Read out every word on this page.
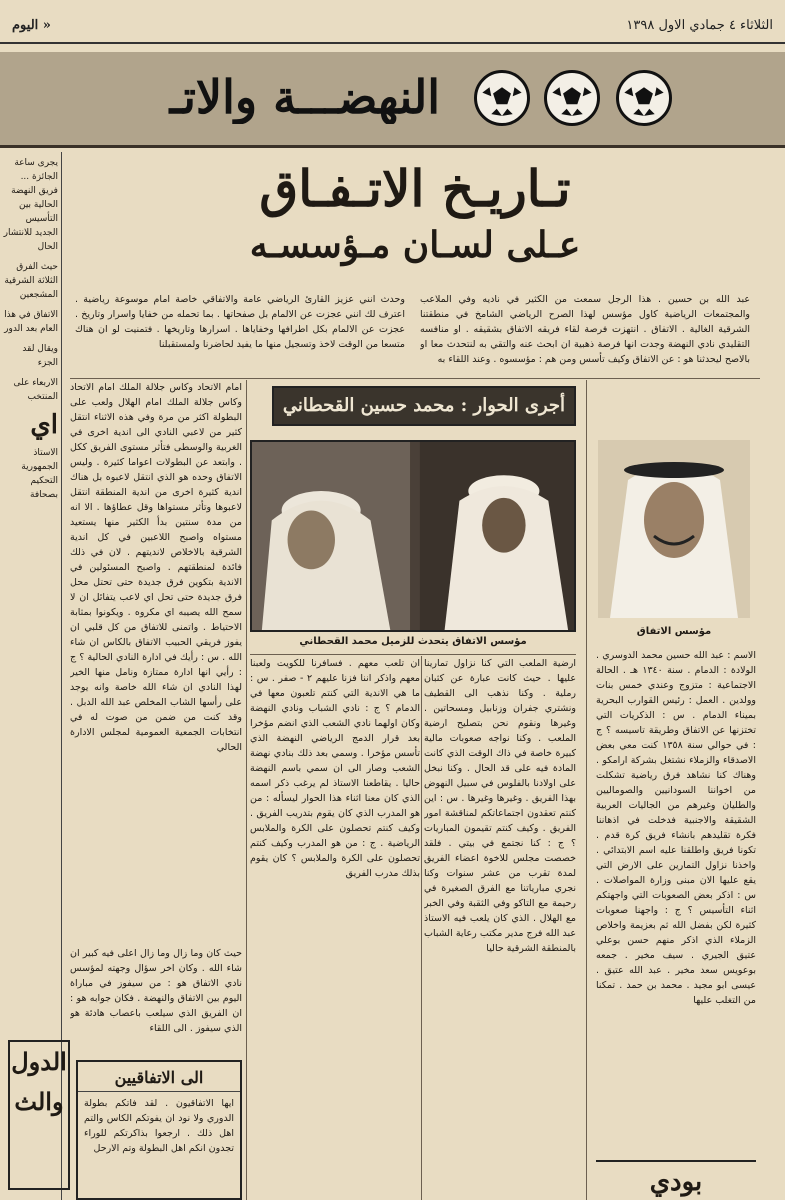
الثلاثاء ٤ جمادي الاول ١٣٩٨
« اليوم
النهضـــة والاتـ

يجرى ساعة الجائزة ... فريق النهضة الحالية بين التأسيس الجديد للانتشار الحال

حيث الفرق الثلاثة الشرقية المشجعين

الاتفاق في هذا العام بعد الدور

ويقال لقد الجزء

الاربعاء على المنتخب

اي

الاستاذ الجمهورية التحكيم بصحافة

تـاريـخ الاتـفـاق
عـلى لسـان مـؤسسـه
عبد الله بن حسين . هذا الرجل سمعت من الكثير في ناديه وفي الملاعب والمجتمعات الرياضية كاول مؤسس لهذا الصرح الرياضي الشامخ في منطقتنا الشرقية الغالية . الاتفاق . انتهزت فرصة لقاء فريقه الاتفاق بشقيقه . او منافسه التقليدي نادي النهضة وجدت انها فرصة ذهبية ان ابحث عنه والتقي به لنتحدث معا او بالاصح ليحدثنا هو : عن الاتفاق وكيف تأسس ومن هم : مؤسسوه . وعند اللقاء به
وحدث انني عزيز القارئ الرياضي عامة والاتفاقي خاصة امام موسوعة رياضية . اعترف لك انني عجزت عن الالمام بل صفحاتها . بما تحمله من خفايا واسرار وتاريخ . عجزت عن الالمام بكل اطرافها وخفاياها . اسرارها وتاريخها . فتمنيت لو ان هناك متسعا من الوقت لاخذ وتسجيل منها ما يفيد لحاضرنا ولمستقبلنا
امام الاتحاد وكاس جلالة الملك امام الاتحاد وكاس جلالة الملك امام الهلال ولعب على البطولة اكثر من مرة وفي هذه الاثناء انتقل كثير من لاعبي النادي الى اندية اخرى في الغربية والوسطى فتأثر مستوى الفريق ككل . وابتعد عن البطولات اعواما كثيرة . وليس الاتفاق وحده هو الذي انتقل لاعبوه بل هناك اندية كثيرة اخرى من اندية المنطقة انتقل لاعبوها وتأثر مستواها وقل عطاؤها . الا انه من مدة سنتين بدأ الكثير منها يستعيد مستواه واصبح اللاعبين في كل اندية الشرقية بالاخلاص لانديتهم . لان في ذلك فائدة لمنطقتهم . واصبح المسئولين في الاندية بتكوين فرق جديدة حتى تحتل محل فرق جديدة حتى تحل اي لاعب يتفائل ان لا سمح الله يصيبه اي مكروه . ويكونوا بمثابة الاحتياط . واتمنى للاتفاق من كل قلبي ان يفوز فريقي الحبيب الاتفاق بالكاس ان شاء الله . س : رأيك في ادارة النادي الحالية ؟ ج : رأيي انها ادارة ممتازة ونامل منها الخير لهذا النادي ان شاء الله خاصة وانه يوجد على رأسها الشاب المخلص عبد الله الدبل . وقد كنت من ضمن من صوت له في انتخابات الجمعية العمومية لمجلس الادارة الحالي
حيث كان وما زال وما زال اعلى فيه كبير ان شاء الله . وكان اخر سؤال وجهته لمؤسس نادي الاتفاق هو : من سيفوز في مباراة اليوم بين الاتفاق والنهضة . فكان جوابه هو : ان الفريق الذي سيلعب باعصاب هادئة هو الذي سيفوز . الى اللقاء
أجرى الحوار : محمد حسين القحطاني
مؤسس الاتفاق يتحدث للزميل محمد القحطاني
مؤسس الاتفاق
ان تلعب معهم . فسافرنا للكويت ولعبنا معهم واذكر اننا فزنا عليهم ٢ - صفر . س : ما هي الاندية التي كنتم تلعبون معها في الدمام ؟ ج : نادي الشباب ونادي النهضة وكان اولهما نادي الشعب الذي انضم مؤخرا بعد قرار الدمج الرياضي النهضة الذي تأسس مؤخرا . وسمي بعد ذلك بنادي نهضة الشعب وصار الى ان سمي باسم النهضة حاليا . يقاطعنا الاستاذ لم يرغب ذكر اسمه الذي كان معنا اثناء هذا الحوار ليسأله : من هو المدرب الذي كان يقوم بتدريب الفريق . وكيف كنتم تحصلون على الكرة والملابس الرياضية . ج : من هو المدرب وكيف كنتم تحصلون على الكرة والملابس ؟ كان يقوم بذلك مدرب الفريق
ارضية الملعب التي كنا نزاول تمارينا عليها . حيث كانت عبارة عن كثبان رملية . وكنا نذهب الى القطيف ونشتري جفران وزنابيل ومسحاتين . وغيرها ونقوم نحن بتصليح ارضية الملعب . وكنا نواجه صعوبات مالية كبيرة خاصة في ذاك الوقت الذي كانت المادة فيه على قد الحال . وكنا نبخل على اولادنا بالفلوس في سبيل النهوض بهذا الفريق . وغيرها وغيرها . س : اين كنتم تعقدون اجتماعاتكم لمناقشة امور الفريق . وكيف كنتم تقيمون المباريات ؟ ج : كنا نجتمع في بيتي . فلقد خصصت مجلس للاخوة اعضاء الفريق لمدة تقرب من عشر سنوات وكنا نجري مبارياتنا مع الفرق الصغيرة في رحيمة مع التاكو وفي الثقبة وفي الخبر مع الهلال . الذي كان يلعب فيه الاستاذ عبد الله فرج مدير مكتب رعاية الشباب بالمنطقة الشرقية حاليا
الاسم : عبد الله حسين محمد الدوسري . الولادة : الدمام . سنة ١٣٤٠ هـ . الحالة الاجتماعية : متزوج وعندي خمس بنات وولدين . العمل : رئيس القوارب البحرية بميناء الدمام . س : الذكريات التي تختزنها عن الاتفاق وطريقة تاسيسه ؟ ج : في حوالي سنة ١٣٥٨ كنت معي بعض الاصدقاء والزملاء نشتغل بشركة ارامكو . وهناك كنا نشاهد فرق رياضية تشكلت من اخواننا السودانيين والصوماليين والطليان وغيرهم من الجاليات العربية الشقيقة والاجنبية فدخلت في اذهاننا فكرة تقليدهم بانشاء فريق كرة قدم . تكونا فريق واطلقنا عليه اسم الابتدائي . واخذنا نزاول التمارين على الارض التي يقع عليها الان مبنى وزارة المواصلات . س : اذكر بعض الصعوبات التي واجهتكم اثناء التأسيس ؟ ج : واجهنا صعوبات كثيرة لكن بفضل الله ثم بعزيمة واخلاص الزملاء الذي اذكر منهم حسن بوعلي عتيق الجيري . سيف مخير . جمعه بوعويس سعد مخير . عبد الله عتيق . عيسى ابو مجيد . محمد بن حمد . تمكنا من التغلب عليها
الدول
والث
الى الاتفاقيين
ايها الاتفاقيون . لقد فاتكم بطولة الدوري ولا نود ان يفوتكم الكاس والتم اهل ذلك . ارجعوا بذاكرتكم للوراء تجدون انكم اهل البطولة وتم الارحل
بودي
